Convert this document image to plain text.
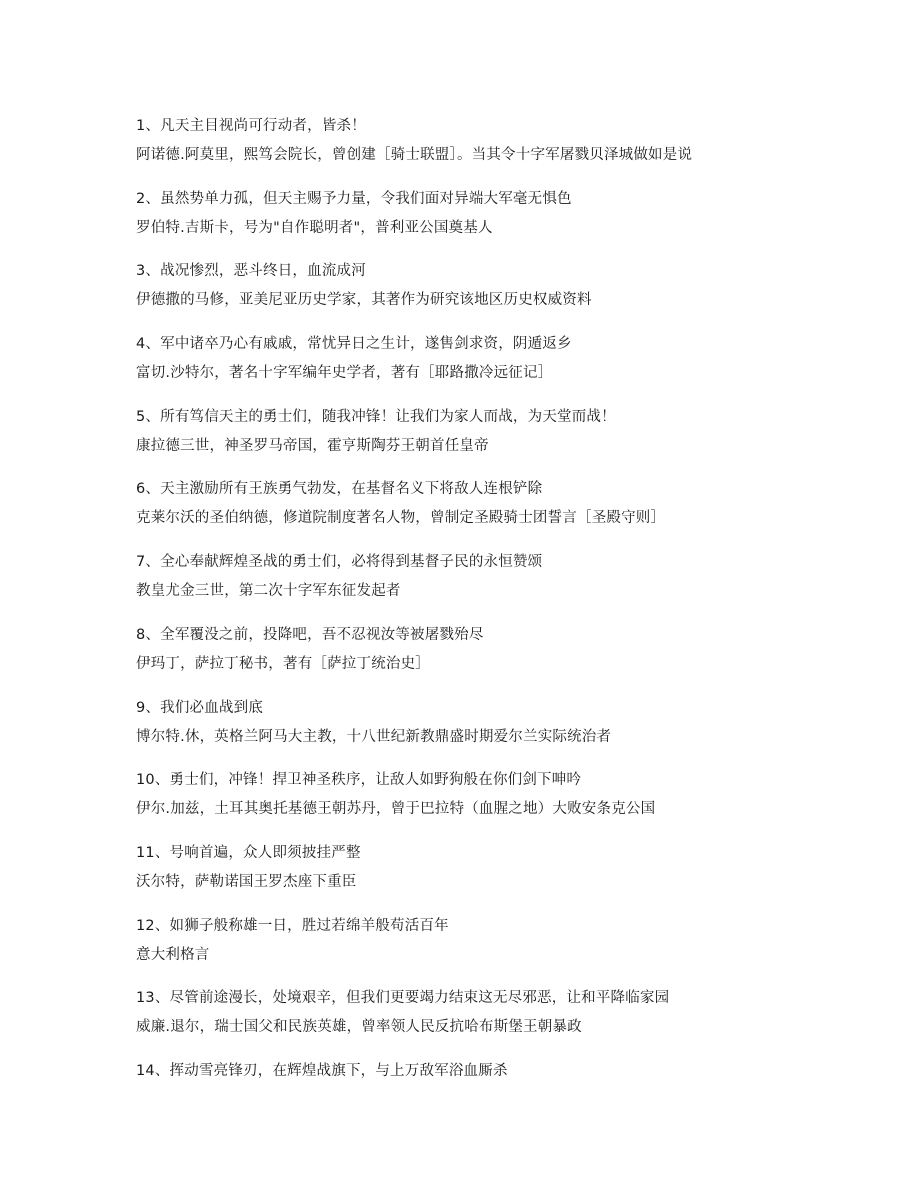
1、凡天主目视尚可行动者，皆杀！
阿诺德.阿莫里，熙笃会院长，曾创建［骑士联盟］。当其令十字军屠戮贝泽城做如是说
2、虽然势单力孤，但天主赐予力量，令我们面对异端大军毫无惧色
罗伯特.吉斯卡，号为"自作聪明者"，普利亚公国奠基人
3、战况惨烈，恶斗终日，血流成河
伊德撒的马修，亚美尼亚历史学家，其著作为研究该地区历史权威资料
4、军中诸卒乃心有戚戚，常忧异日之生计，遂售剑求资，阴遁返乡
富切.沙特尔，著名十字军编年史学者，著有［耶路撒冷远征记］
5、所有笃信天主的勇士们，随我冲锋！让我们为家人而战，为天堂而战！
康拉德三世，神圣罗马帝国，霍亨斯陶芬王朝首任皇帝
6、天主激励所有王族勇气勃发，在基督名义下将敌人连根铲除
克莱尔沃的圣伯纳德，修道院制度著名人物，曾制定圣殿骑士团誓言［圣殿守则］
7、全心奉献辉煌圣战的勇士们，必将得到基督子民的永恒赞颂
教皇尤金三世，第二次十字军东征发起者
8、全军覆没之前，投降吧，吾不忍视汝等被屠戮殆尽
伊玛丁，萨拉丁秘书，著有［萨拉丁统治史］
9、我们必血战到底
博尔特.休，英格兰阿马大主教，十八世纪新教鼎盛时期爱尔兰实际统治者
10、勇士们，冲锋！捍卫神圣秩序，让敌人如野狗般在你们剑下呻吟
伊尔.加兹，土耳其奥托基德王朝苏丹，曾于巴拉特（血腥之地）大败安条克公国
11、号响首遍，众人即须披挂严整
沃尔特，萨勒诺国王罗杰座下重臣
12、如狮子般称雄一日，胜过若绵羊般苟活百年
意大利格言
13、尽管前途漫长，处境艰辛，但我们更要竭力结束这无尽邪恶，让和平降临家园
威廉.退尔，瑞士国父和民族英雄，曾率领人民反抗哈布斯堡王朝暴政
14、挥动雪亮锋刃，在辉煌战旗下，与上万敌军浴血厮杀
